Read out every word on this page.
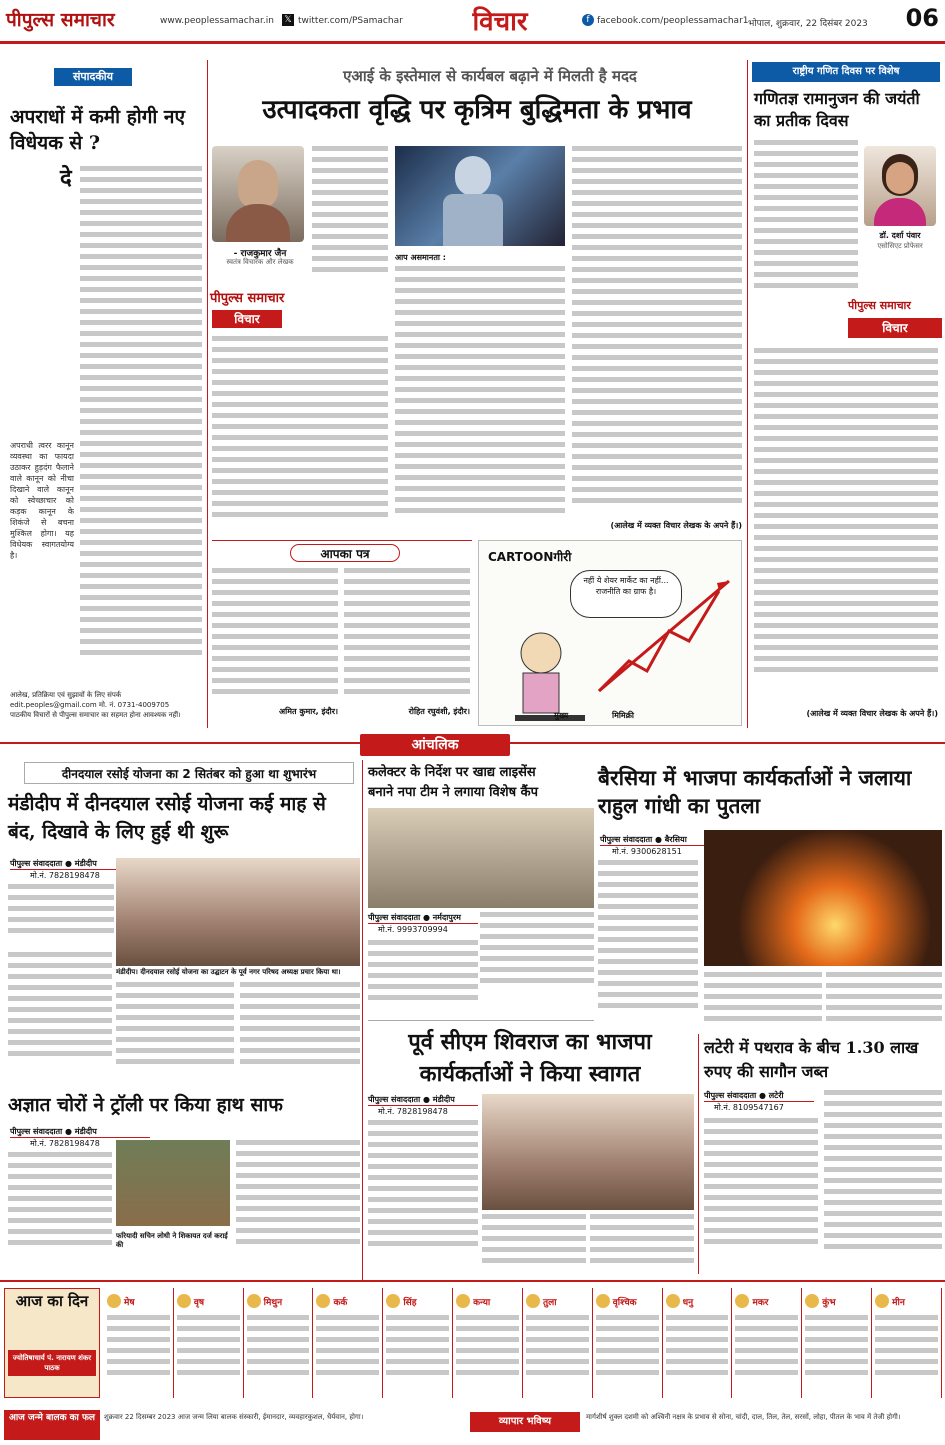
पीपुल्स समाचार	www.peoplessamachar.in 𝕏 twitter.com/PSamachar	विचार	f facebook.com/peoplessamachar1 भोपाल, शुक्रवार, 22 दिसंबर 2023 06
संपादकीय
अपराधों में कमी होगी नए विधेयक से ?
दे
अपराधी त्वरर कानून व्यवस्था का फायदा उठाकर हुड़दंग फैलाने वाले कानून को नीचा दिखाने वाले कानून को स्वेच्छाचार को कड़क कानून के शिकंजे से बचना मुश्किल होगा। यह विधेयक स्वागतयोग्य है।
आलेख, प्रतिक्रिया एवं सुझावों के लिए संपर्क
edit.peoples@gmail.com मो. नं. 0731-4009705
पाठकीय विचारों से पीपुल्स समाचार का सहमत होना आवश्यक नहीं।
एआई के इस्तेमाल से कार्यबल बढ़ाने में मिलती है मदद
उत्पादकता वृद्धि पर कृत्रिम बुद्धिमता के प्रभाव
- राजकुमार जैन
स्वतंत्र विचारक और लेखक
पीपुल्स समाचार
विचार
आप असमानता :
(आलेख में व्यक्त विचार लेखक के अपने हैं।)
आपका पत्र
अमित कुमार, इंदौर।	रोहित रघुवंशी, इंदौर।
CARTOONगीरी
नहीं ये शेयर मार्केट का नहीं... राजनीति का ग्राफ है।
मुख्य	मिमिक्री
राष्ट्रीय गणित दिवस पर विशेष
गणितज्ञ रामानुजन की जयंती का प्रतीक दिवस
डॉ. दर्शा पंवार
एसोसिएट प्रोफेसर
पीपुल्स समाचार
विचार
(आलेख में व्यक्त विचार लेखक के अपने हैं।)
आंचलिक
दीनदयाल रसोई योजना का 2 सितंबर को हुआ था शुभारंभ
मंडीदीप में दीनदयाल रसोई योजना कई माह से बंद, दिखावे के लिए हुई थी शुरू
पीपुल्स संवाददाता ● मंडीदीप
मो.नं. 7828198478
मंडीदीप। दीनदयाल रसोई योजना का उद्घाटन के पूर्व नगर परिषद अध्यक्ष प्रचार किया था।
अज्ञात चोरों ने ट्रॉली पर किया हाथ साफ
पीपुल्स संवाददाता ● मंडीदीप
मो.नं. 7828198478
फरियादी सचिन लोधी ने शिकायत दर्ज कराई की
कलेक्टर के निर्देश पर खाद्य लाइसेंस
बनाने नपा टीम ने लगाया विशेष कैंप
पीपुल्स संवाददाता ● नर्मदापुरम
मो.नं. 9993709994
बैरसिया में भाजपा कार्यकर्ताओं ने जलाया राहुल गांधी का पुतला
पीपुल्स संवाददाता ● बैरसिया
मो.नं. 9300628151
पूर्व सीएम शिवराज का भाजपा कार्यकर्ताओं ने किया स्वागत
पीपुल्स संवाददाता ● मंडीदीप
मो.नं. 7828198478
लटेरी में पथराव के बीच 1.30 लाख रुपए की सागौन जब्त
पीपुल्स संवाददाता ● लटेरी
मो.नं. 8109547167
आज का दिन
ज्योतिषाचार्य पं. नारायण शंकर पाठक
मेष	वृष	मिथुन	कर्क	सिंह	कन्या	तुला	वृश्चिक	धनु	मकर	कुंभ	मीन
आज जन्मे बालक का फल	शुक्रवार 22 दिसम्बर 2023 आज जन्म लिया बालक संस्कारी, ईमानदार, व्यवहारकुशल, धैर्यवान, होगा।	व्यापार भविष्य	मार्गशीर्ष शुक्ल दशमी को अश्विनी नक्षत्र के प्रभाव से सोना, चांदी, दाल, तिल, तेल, सरसों, लोहा, पीतल के भाव में तेजी होगी।
